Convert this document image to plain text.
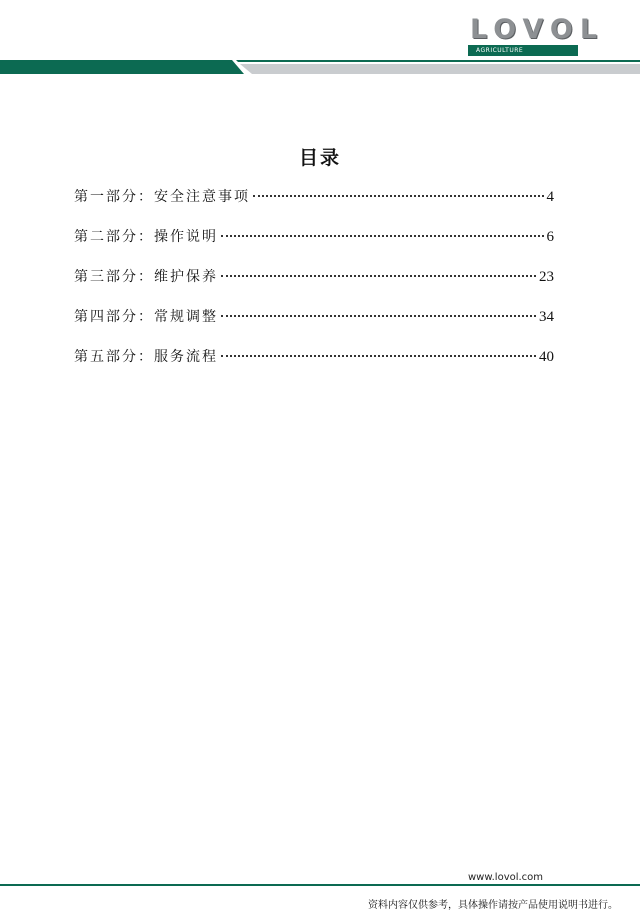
LOVOL
AGRICULTURE
目录
第一部分：安全注意事项	4
第二部分：操作说明	6
第三部分：维护保养	23
第四部分：常规调整	34
第五部分：服务流程	40
www.lovol.com
资料内容仅供参考，具体操作请按产品使用说明书进行。
